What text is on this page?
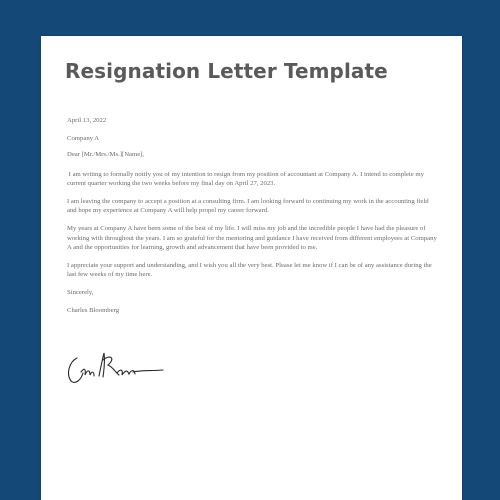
Resignation Letter Template

April 13, 2022

Company A

Dear [Mr./Mrs./Ms.][Name],

I am writing to formally notify you of my intention to resign from my position of accountant at Company A. I intend to complete my current quarter working the two weeks before my final day on April 27, 2023.

I am leaving the company to accept a position at a consulting firm. I am looking forward to continuing my work in the accounting field and hope my experience at Company A will help propel my career forward.

My years at Company A have been some of the best of my life. I will miss my job and the incredible people I have had the pleasure of working with throughout the years. I am so grateful for the mentoring and guidance I have received from different employees at Company A and the opportunities for learning, growth and advancement that have been provided to me.

I appreciate your support and understanding, and I wish you all the very best. Please let me know if I can be of any assistance during the last few weeks of my time here.

Sincerely,

Charles Bloomberg
